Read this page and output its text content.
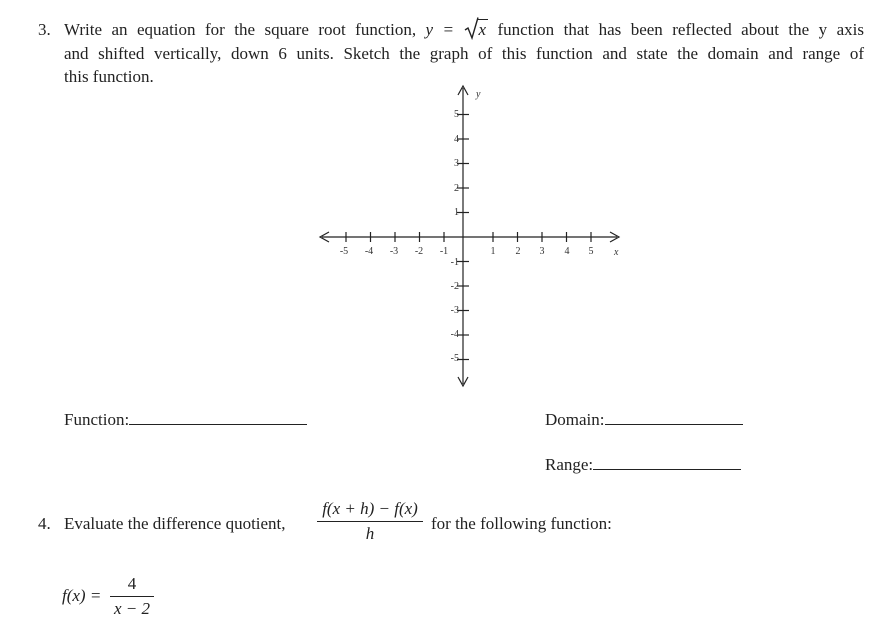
3. Write an equation for the square root function, y =
x function that has been reflected about the y axis
and shifted vertically, down 6 units. Sketch the graph of this function and state the domain and range of
this function.
x
y
-5 -4 -3 -2 -1	1 2 3 4 5
5
4
3
2
1
-1
-2
-3
-4
-5
Function:	Domain:
Range:
4. Evaluate the difference quotient, $\frac{f(x + h) - f(x)}{h}$ for the following function:
$f(x) = \frac{4}{x - 2}$
